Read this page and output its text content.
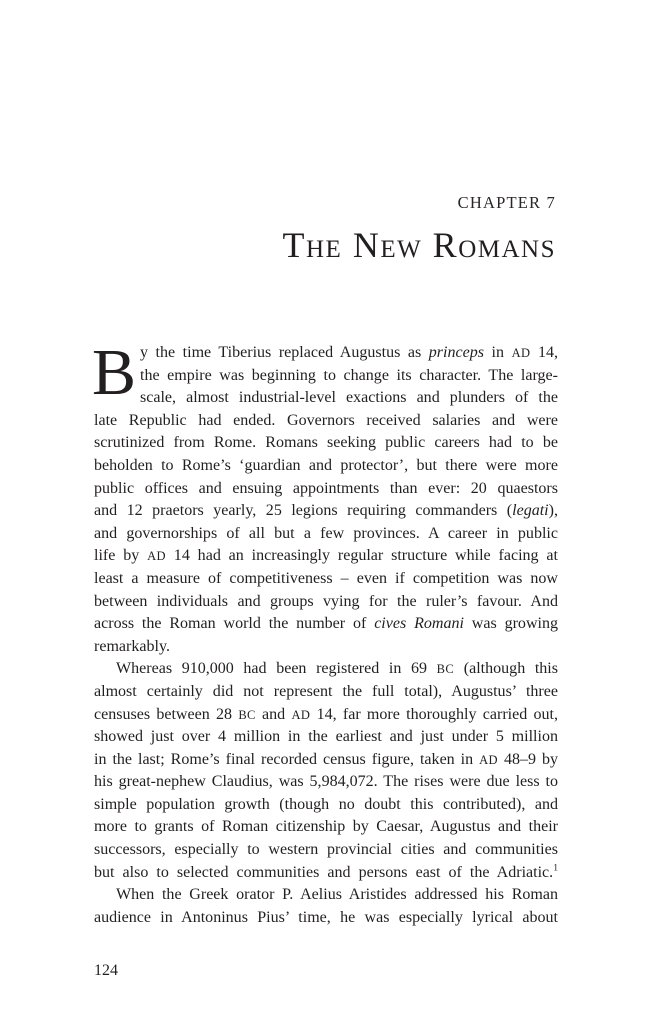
CHAPTER 7
The New Romans
B y the time Tiberius replaced Augustus as princeps in AD 14,
the empire was beginning to change its character. The large-
scale, almost industrial-level exactions and plunders of the
late Republic had ended. Governors received salaries and were
scrutinized from Rome. Romans seeking public careers had to be
beholden to Rome’s ‘guardian and protector’, but there were more
public offices and ensuing appointments than ever: 20 quaestors
and 12 praetors yearly, 25 legions requiring commanders (legati),
and governorships of all but a few provinces. A career in public
life by AD 14 had an increasingly regular structure while facing at
least a measure of competitiveness – even if competition was now
between individuals and groups vying for the ruler’s favour. And
across the Roman world the number of cives Romani was growing
remarkably.
Whereas 910,000 had been registered in 69 BC (although this
almost certainly did not represent the full total), Augustus’ three
censuses between 28 BC and AD 14, far more thoroughly carried out,
showed just over 4 million in the earliest and just under 5 million
in the last; Rome’s final recorded census figure, taken in AD 48–9 by
his great-nephew Claudius, was 5,984,072. The rises were due less to
simple population growth (though no doubt this contributed), and
more to grants of Roman citizenship by Caesar, Augustus and their
successors, especially to western provincial cities and communities
but also to selected communities and persons east of the Adriatic.$^1$
When the Greek orator P. Aelius Aristides addressed his Roman
audience in Antoninus Pius’ time, he was especially lyrical about
124
